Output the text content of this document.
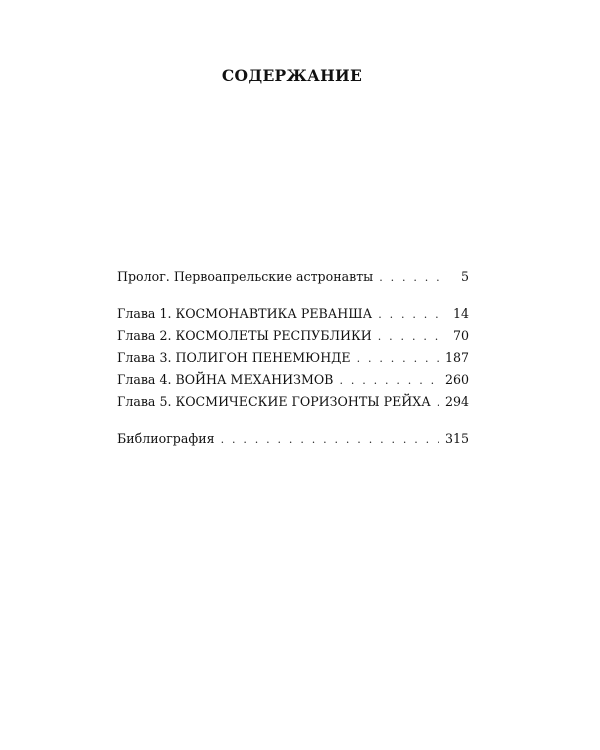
СОДЕРЖАНИЕ
Пролог. Первоапрельские астронавты . . .	5
Глава 1. КОСМОНАВТИКА РЕВАНША . . .	14
Глава 2. КОСМОЛЕТЫ РЕСПУБЛИКИ . . .	70
Глава 3. ПОЛИГОН ПЕНЕМЮНДЕ . . .	187
Глава 4. ВОЙНА МЕХАНИЗМОВ . . .	260
Глава 5. КОСМИЧЕСКИЕ ГОРИЗОНТЫ РЕЙХА . . . 294
Библиография . . .	315
